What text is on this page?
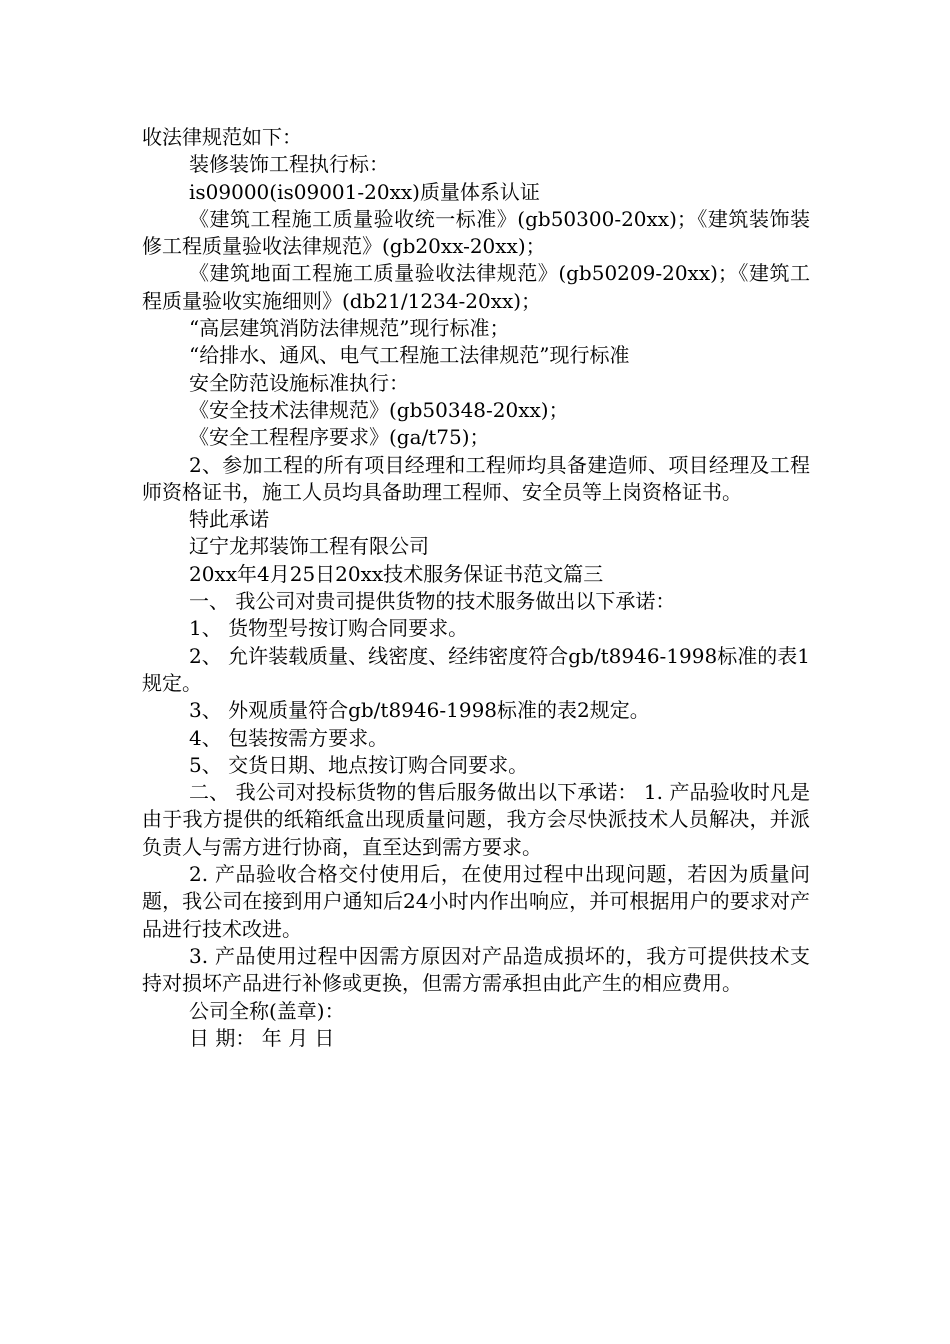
收法律规范如下：

装修装饰工程执行标：

is09000(is09001-20xx)质量体系认证

《建筑工程施工质量验收统一标准》(gb50300-20xx)；《建筑装饰装修工程质量验收法律规范》(gb20xx-20xx)；

《建筑地面工程施工质量验收法律规范》(gb50209-20xx)；《建筑工程质量验收实施细则》(db21/1234-20xx)；

“高层建筑消防法律规范”现行标准；

“给排水、通风、电气工程施工法律规范”现行标准

安全防范设施标准执行：

《安全技术法律规范》(gb50348-20xx)；

《安全工程程序要求》(ga/t75)；

2、参加工程的所有项目经理和工程师均具备建造师、项目经理及工程师资格证书，施工人员均具备助理工程师、安全员等上岗资格证书。

特此承诺

辽宁龙邦装饰工程有限公司

20xx年4月25日20xx技术服务保证书范文篇三

一、 我公司对贵司提供货物的技术服务做出以下承诺：

1、 货物型号按订购合同要求。

2、 允许装载质量、线密度、经纬密度符合gb/t8946-1998标准的表1规定。

3、 外观质量符合gb/t8946-1998标准的表2规定。

4、 包装按需方要求。

5、 交货日期、地点按订购合同要求。

二、 我公司对投标货物的售后服务做出以下承诺： 1. 产品验收时凡是由于我方提供的纸箱纸盒出现质量问题，我方会尽快派技术人员解决，并派负责人与需方进行协商，直至达到需方要求。

2. 产品验收合格交付使用后，在使用过程中出现问题，若因为质量问题，我公司在接到用户通知后24小时内作出响应，并可根据用户的要求对产品进行技术改进。

3. 产品使用过程中因需方原因对产品造成损坏的，我方可提供技术支持对损坏产品进行补修或更换，但需方需承担由此产生的相应费用。

公司全称(盖章)：

日 期： 年 月 日
